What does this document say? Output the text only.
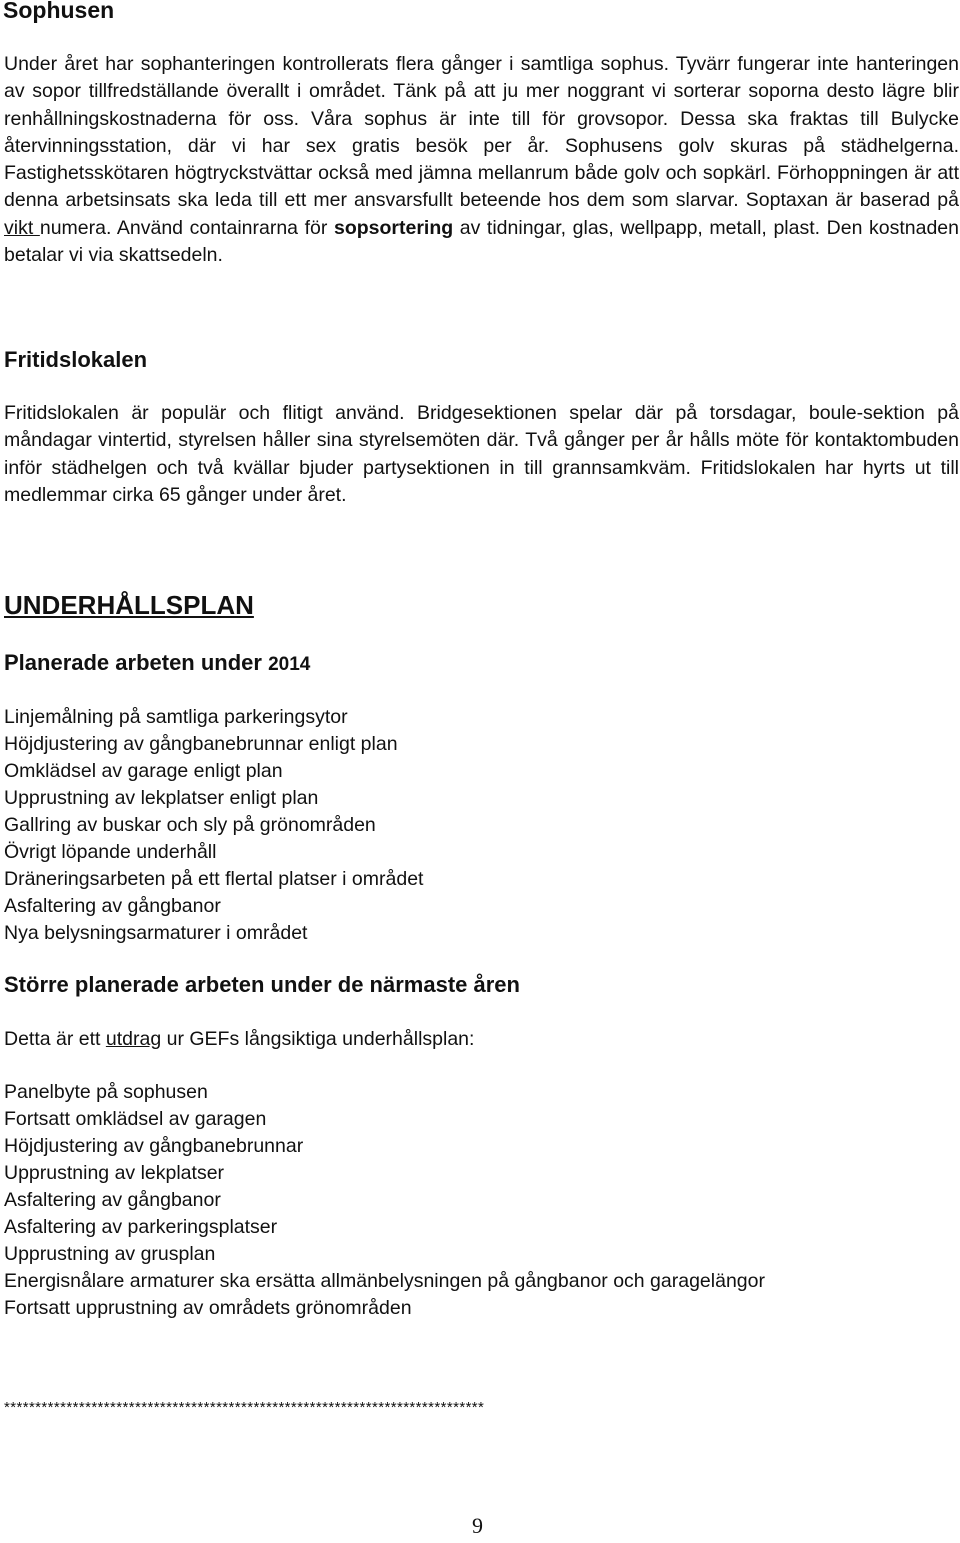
Sophusen

Under året har sophanteringen kontrollerats flera gånger i samtliga sophus. Tyvärr fungerar inte hanteringen av sopor tillfredställande överallt i området. Tänk på att ju mer noggrant vi sorterar soporna desto lägre blir renhållningskostnaderna för oss. Våra sophus är inte till för grovsopor. Dessa ska fraktas till Bulycke återvinningsstation, där vi har sex gratis besök per år. Sophusens golv skuras på städhelgerna. Fastighetsskötaren högtryckstvättar också med jämna mellanrum både golv och sopkärl. Förhoppningen är att denna arbetsinsats ska leda till ett mer ansvarsfullt beteende hos dem som slarvar. Soptaxan är baserad på vikt numera. Använd containrarna för sopsortering av tidningar, glas, wellpapp, metall, plast. Den kostnaden betalar vi via skattsedeln.

Fritidslokalen

Fritidslokalen är populär och flitigt använd. Bridgesektionen spelar där på torsdagar, boule-sektion på måndagar vintertid, styrelsen håller sina styrelsemöten där. Två gånger per år hålls möte för kontaktombuden inför städhelgen och två kvällar bjuder partysektionen in till grannsamkväm. Fritidslokalen har hyrts ut till medlemmar cirka 65 gånger under året.

UNDERHÅLLSPLAN
Planerade arbeten under 2014
Linjemålning på samtliga parkeringsytor
Höjdjustering av gångbanebrunnar enligt plan
Omklädsel av garage enligt plan
Upprustning av lekplatser enligt plan
Gallring av buskar och sly på grönområden
Övrigt löpande underhåll
Dräneringsarbeten på ett flertal platser i området
Asfaltering av gångbanor
Nya belysningsarmaturer i området
Större planerade arbeten under de närmaste åren

Detta är ett utdrag ur GEFs långsiktiga underhållsplan:

Panelbyte på sophusen
Fortsatt omklädsel av garagen
Höjdjustering av gångbanebrunnar
Upprustning av lekplatser
Asfaltering av gångbanor
Asfaltering av parkeringsplatser
Upprustning av grusplan
Energisnålare armaturer ska ersätta allmänbelysningen på gångbanor och garagelängor
Fortsatt upprustning av områdets grönområden

*****************************************************************************

9
